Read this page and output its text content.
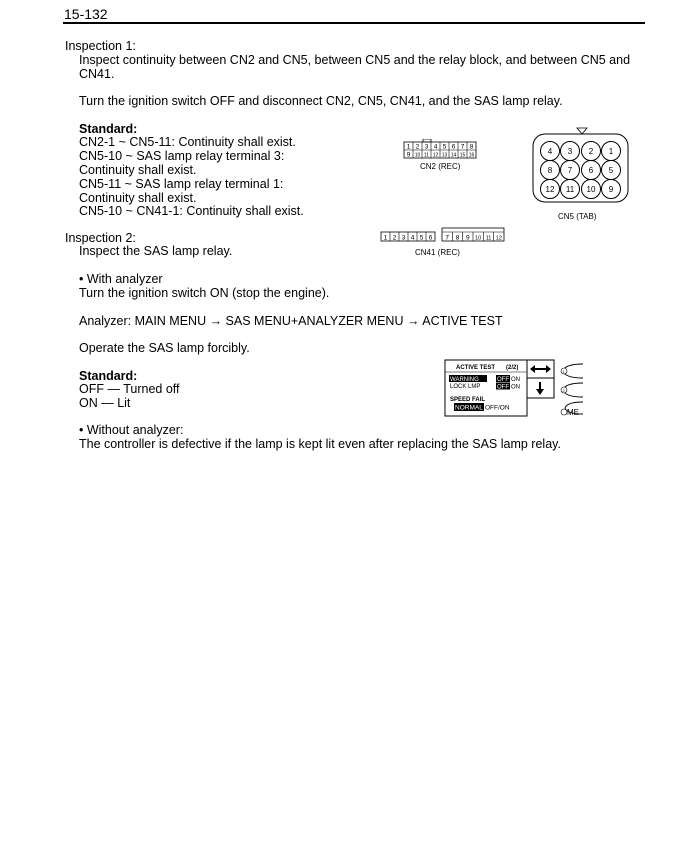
15-132
Inspection 1:
Inspect continuity between CN2 and CN5, between CN5 and the relay block, and between CN5 and
CN41.
Turn the ignition switch OFF and disconnect CN2, CN5, CN41, and the SAS lamp relay.
Standard:
CN2-1 ~ CN5-11: Continuity shall exist.
CN5-10 ~ SAS lamp relay terminal 3:
Continuity shall exist.
CN5-11 ~ SAS lamp relay terminal 1:
Continuity shall exist.
CN5-10 ~ CN41-1: Continuity shall exist.
1 2 3 4 5 6 7 8
9 10 11 12 13 14 15 16
CN2 (REC)
4 3 2 1
8 7 6 5
12 11 10 9
CN5 (TAB)
Inspection 2:
Inspect the SAS lamp relay.
1 2 3 4 5 6 7 8 9 10 11 12
CN41 (REC)
• With analyzer
Turn the ignition switch ON (stop the engine).
Analyzer: MAIN MENU → SAS MENU+ANALYZER MENU → ACTIVE TEST
Operate the SAS lamp forcibly.
Standard:
OFF — Turned off
ON — Lit
1
2
ME
ACTIVE TEST (2/2)
WARNING	OFF ON
LOCK LMP	OFF ON
SPEED FAIL
NORMAL OFF/ON
• Without analyzer:
The controller is defective if the lamp is kept lit even after replacing the SAS lamp relay.
